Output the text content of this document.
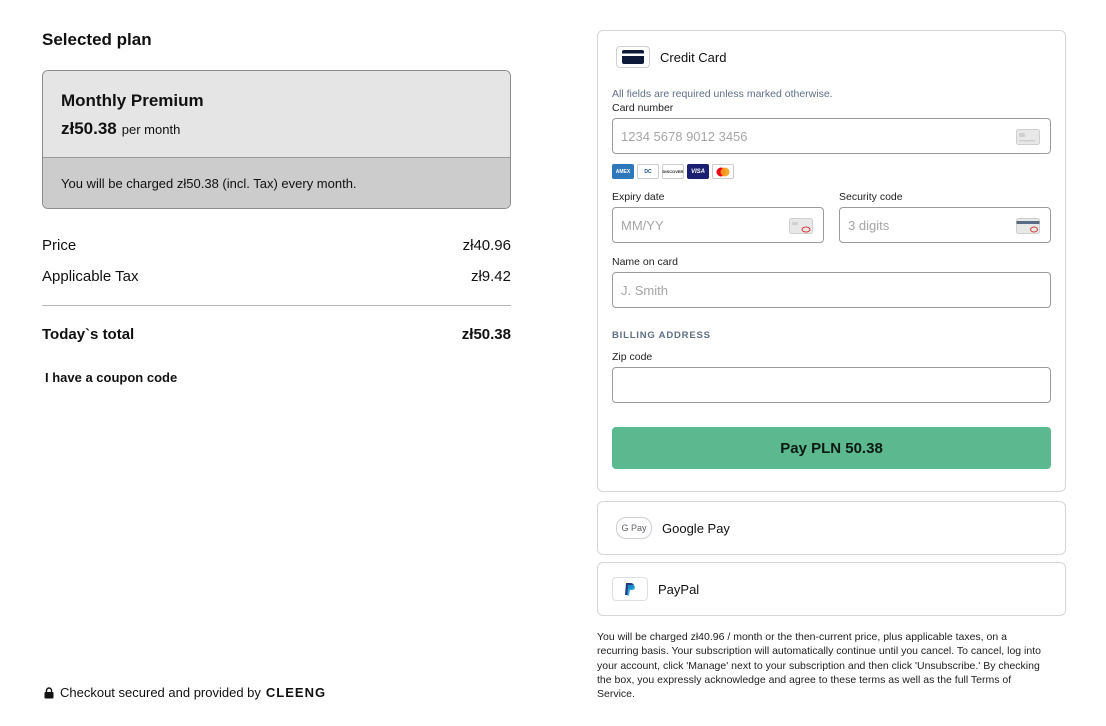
Selected plan
Monthly Premium
zł50.38 per month
You will be charged zł50.38 (incl. Tax) every month.
Price	zł40.96
Applicable Tax	zł9.42
Today`s total	zł50.38
I have a coupon code
Checkout secured and provided by CLEENG
Credit Card
All fields are required unless marked otherwise.
Card number
1234 5678 9012 3456
AMEX	DC	DISCOVER	VISA
Expiry date
MM/YY	Security code
3 digits
Name on card
J. Smith
BILLING ADDRESS
Zip code
Pay PLN 50.38
G Pay	Google Pay
PayPal
You will be charged zł40.96 / month or the then-current price, plus applicable taxes, on a recurring basis. Your subscription will automatically continue until you cancel. To cancel, log into your account, click 'Manage' next to your subscription and then click 'Unsubscribe.' By checking the box, you expressly acknowledge and agree to these terms as well as the full Terms of Service.
